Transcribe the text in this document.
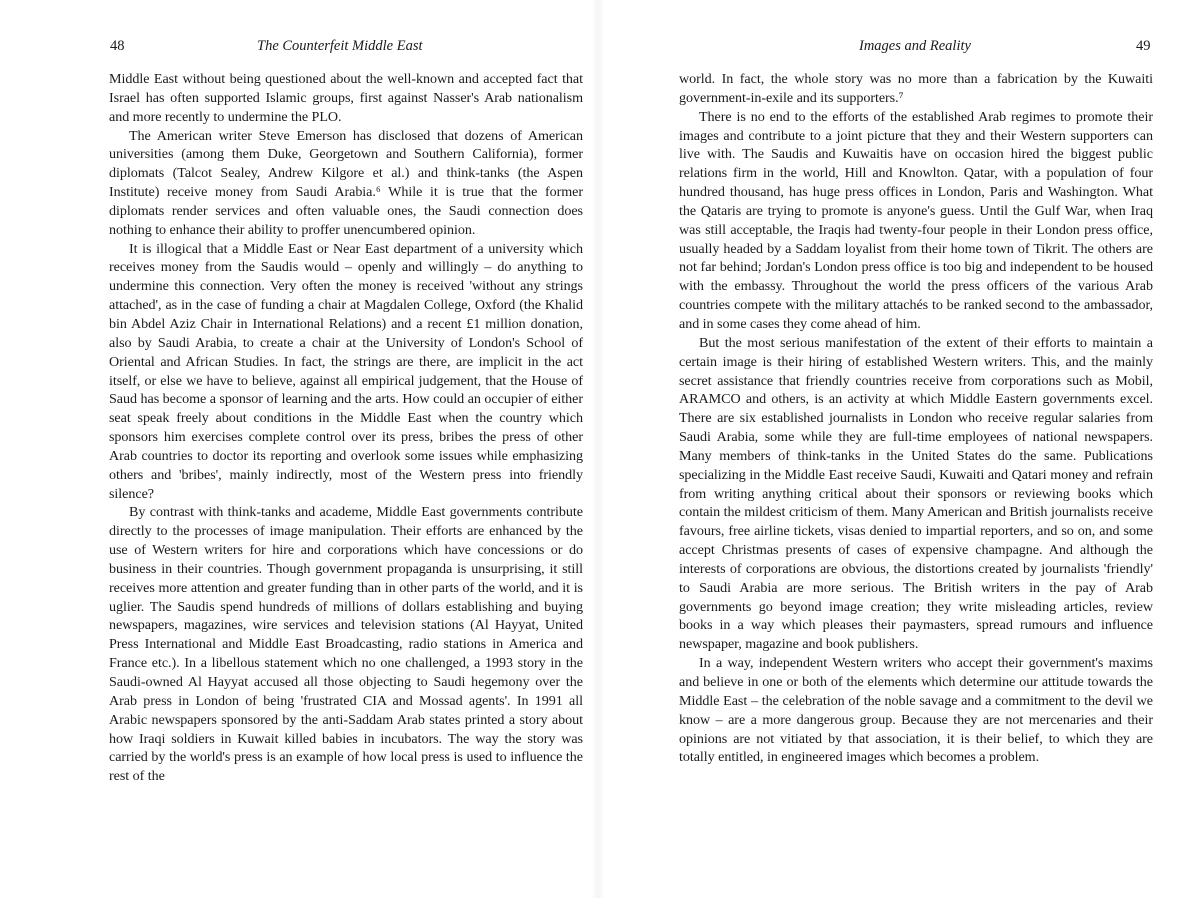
48	The Counterfeit Middle East

Middle East without being questioned about the well-known and accepted fact that Israel has often supported Islamic groups, first against Nasser's Arab nationalism and more recently to undermine the PLO.

The American writer Steve Emerson has disclosed that dozens of American universities (among them Duke, Georgetown and Southern California), former diplomats (Talcot Sealey, Andrew Kilgore et al.) and think-tanks (the Aspen Institute) receive money from Saudi Arabia.⁶ While it is true that the former diplomats render services and often valuable ones, the Saudi connection does nothing to enhance their ability to proffer unencumbered opinion.

It is illogical that a Middle East or Near East department of a university which receives money from the Saudis would – openly and willingly – do anything to undermine this connection. Very often the money is received 'without any strings attached', as in the case of funding a chair at Magdalen College, Oxford (the Khalid bin Abdel Aziz Chair in International Relations) and a recent £1 million donation, also by Saudi Arabia, to create a chair at the University of London's School of Oriental and African Studies. In fact, the strings are there, are implicit in the act itself, or else we have to believe, against all empirical judgement, that the House of Saud has become a sponsor of learning and the arts. How could an occupier of either seat speak freely about conditions in the Middle East when the country which sponsors him exercises complete control over its press, bribes the press of other Arab countries to doctor its reporting and overlook some issues while emphasizing others and 'bribes', mainly indirectly, most of the Western press into friendly silence?

By contrast with think-tanks and academe, Middle East governments contribute directly to the processes of image manipulation. Their efforts are enhanced by the use of Western writers for hire and corporations which have concessions or do business in their countries. Though government propaganda is unsurprising, it still receives more attention and greater funding than in other parts of the world, and it is uglier. The Saudis spend hundreds of millions of dollars establishing and buying newspapers, magazines, wire services and television stations (Al Hayyat, United Press International and Middle East Broadcasting, radio stations in America and France etc.). In a libellous statement which no one challenged, a 1993 story in the Saudi-owned Al Hayyat accused all those objecting to Saudi hegemony over the Arab press in London of being 'frustrated CIA and Mossad agents'. In 1991 all Arabic newspapers sponsored by the anti-Saddam Arab states printed a story about how Iraqi soldiers in Kuwait killed babies in incubators. The way the story was carried by the world's press is an example of how local press is used to influence the rest of the

Images and Reality	49

world. In fact, the whole story was no more than a fabrication by the Kuwaiti government-in-exile and its supporters.⁷

There is no end to the efforts of the established Arab regimes to promote their images and contribute to a joint picture that they and their Western supporters can live with. The Saudis and Kuwaitis have on occasion hired the biggest public relations firm in the world, Hill and Knowlton. Qatar, with a population of four hundred thousand, has huge press offices in London, Paris and Washington. What the Qataris are trying to promote is anyone's guess. Until the Gulf War, when Iraq was still acceptable, the Iraqis had twenty-four people in their London press office, usually headed by a Saddam loyalist from their home town of Tikrit. The others are not far behind; Jordan's London press office is too big and independent to be housed with the embassy. Throughout the world the press officers of the various Arab countries compete with the military attachés to be ranked second to the ambassador, and in some cases they come ahead of him.

But the most serious manifestation of the extent of their efforts to maintain a certain image is their hiring of established Western writers. This, and the mainly secret assistance that friendly countries receive from corporations such as Mobil, ARAMCO and others, is an activity at which Middle Eastern governments excel. There are six established journalists in London who receive regular salaries from Saudi Arabia, some while they are full-time employees of national newspapers. Many members of think-tanks in the United States do the same. Publications specializing in the Middle East receive Saudi, Kuwaiti and Qatari money and refrain from writing anything critical about their sponsors or reviewing books which contain the mildest criticism of them. Many American and British journalists receive favours, free airline tickets, visas denied to impartial reporters, and so on, and some accept Christmas presents of cases of expensive champagne. And although the interests of corporations are obvious, the distortions created by journalists 'friendly' to Saudi Arabia are more serious. The British writers in the pay of Arab governments go beyond image creation; they write misleading articles, review books in a way which pleases their paymasters, spread rumours and influence newspaper, magazine and book publishers.

In a way, independent Western writers who accept their government's maxims and believe in one or both of the elements which determine our attitude towards the Middle East – the celebration of the noble savage and a commitment to the devil we know – are a more dangerous group. Because they are not mercenaries and their opinions are not vitiated by that association, it is their belief, to which they are totally entitled, in engineered images which becomes a problem.
